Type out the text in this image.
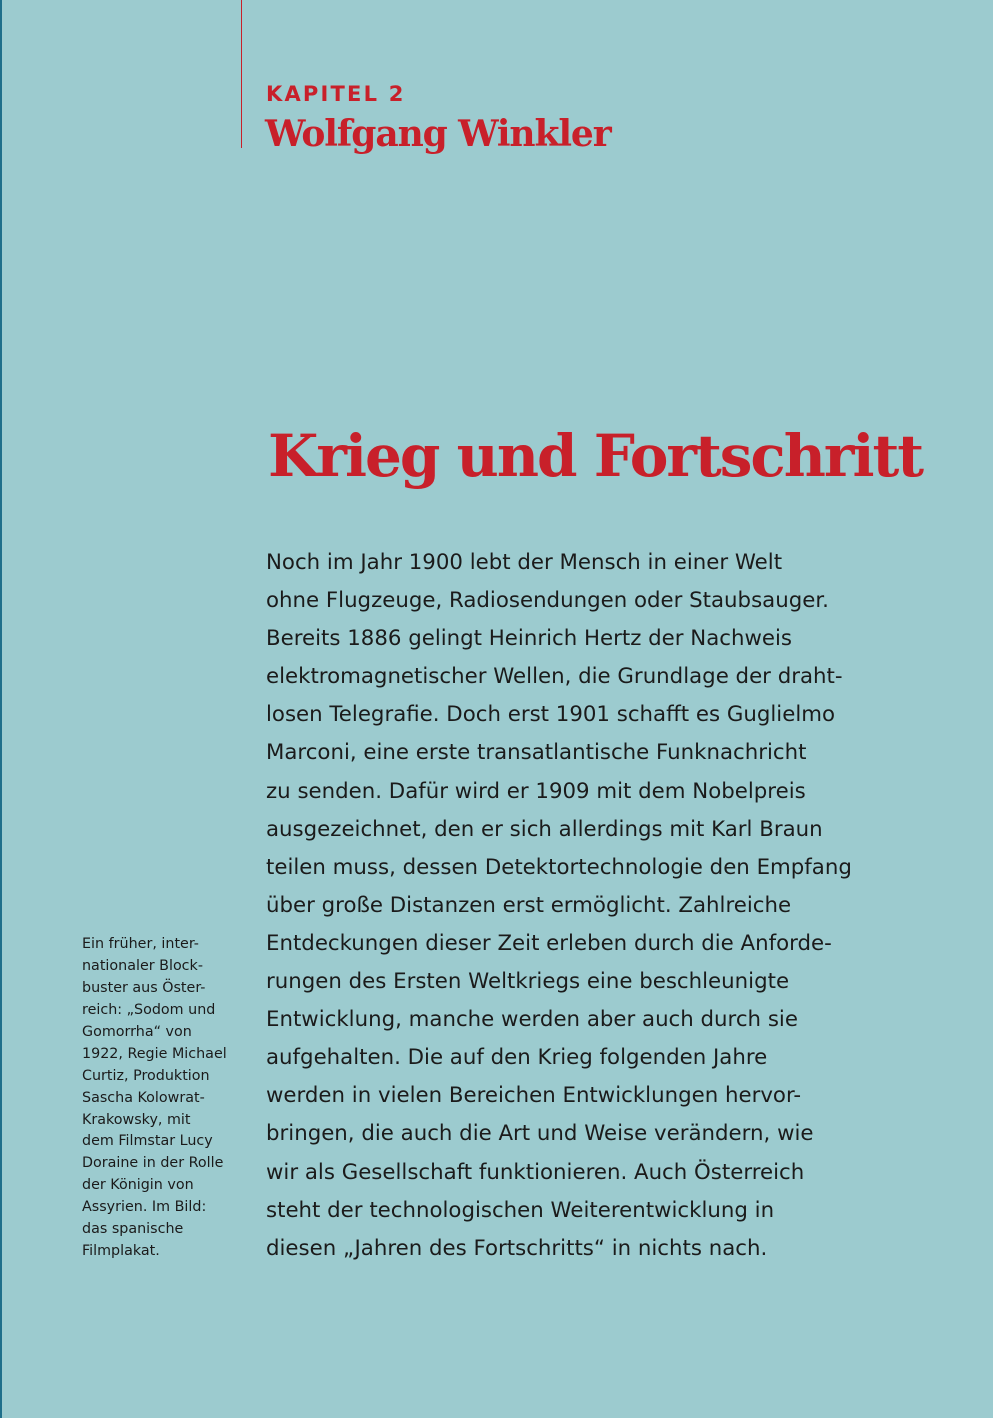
KAPITEL 2
Wolfgang Winkler
Krieg und Fortschritt
Noch im Jahr 1900 lebt der Mensch in einer Welt
ohne Flugzeuge, Radiosendungen oder Staubsauger.
Bereits 1886 gelingt Heinrich Hertz der Nachweis
elektromagnetischer Wellen, die Grundlage der draht-
losen Telegrafie. Doch erst 1901 schafft es Guglielmo
Marconi, eine erste transatlantische Funknachricht
zu senden. Dafür wird er 1909 mit dem Nobelpreis
ausgezeichnet, den er sich allerdings mit Karl Braun
teilen muss, dessen Detektortechnologie den Empfang
über große Distanzen erst ermöglicht. Zahlreiche
Entdeckungen dieser Zeit erleben durch die Anforde-
rungen des Ersten Weltkriegs eine beschleunigte
Entwicklung, manche werden aber auch durch sie
aufgehalten. Die auf den Krieg folgenden Jahre
werden in vielen Bereichen Entwicklungen hervor-
bringen, die auch die Art und Weise verändern, wie
wir als Gesellschaft funktionieren. Auch Österreich
steht der technologischen Weiterentwicklung in
diesen „Jahren des Fortschritts“ in nichts nach.
Ein früher, inter-
nationaler Block-
buster aus Öster-
reich: „Sodom und
Gomorrha“ von
1922, Regie Michael
Curtiz, Produktion
Sascha Kolowrat-
Krakowsky, mit
dem Filmstar Lucy
Doraine in der Rolle
der Königin von
Assyrien. Im Bild:
das spanische
Filmplakat.
